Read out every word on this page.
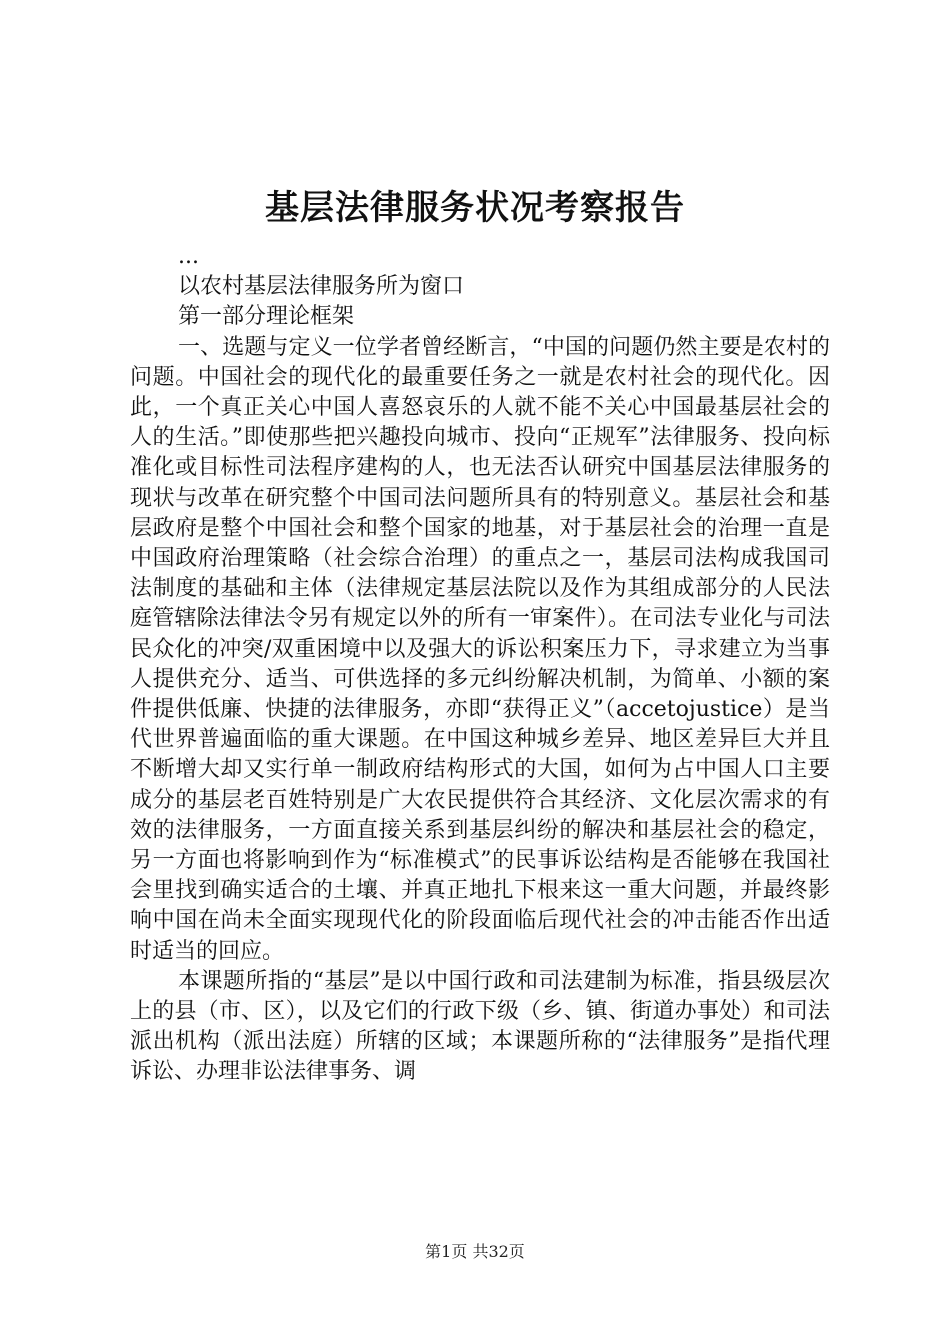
基层法律服务状况考察报告

...

以农村基层法律服务所为窗口

第一部分理论框架

一、选题与定义一位学者曾经断言，“中国的问题仍然主要是农村的问题。中国社会的现代化的最重要任务之一就是农村社会的现代化。因此，一个真正关心中国人喜怒哀乐的人就不能不关心中国最基层社会的人的生活。”即使那些把兴趣投向城市、投向“正规军”法律服务、投向标准化或目标性司法程序建构的人，也无法否认研究中国基层法律服务的现状与改革在研究整个中国司法问题所具有的特别意义。基层社会和基层政府是整个中国社会和整个国家的地基，对于基层社会的治理一直是中国政府治理策略（社会综合治理）的重点之一，基层司法构成我国司法制度的基础和主体（法律规定基层法院以及作为其组成部分的人民法庭管辖除法律法令另有规定以外的所有一审案件）。在司法专业化与司法民众化的冲突/双重困境中以及强大的诉讼积案压力下，寻求建立为当事人提供充分、适当、可供选择的多元纠纷解决机制，为简单、小额的案件提供低廉、快捷的法律服务，亦即“获得正义”（accetojustice）是当代世界普遍面临的重大课题。在中国这种城乡差异、地区差异巨大并且不断增大却又实行单一制政府结构形式的大国，如何为占中国人口主要成分的基层老百姓特别是广大农民提供符合其经济、文化层次需求的有效的法律服务，一方面直接关系到基层纠纷的解决和基层社会的稳定，另一方面也将影响到作为“标准模式”的民事诉讼结构是否能够在我国社会里找到确实适合的土壤、并真正地扎下根来这一重大问题，并最终影响中国在尚未全面实现现代化的阶段面临后现代社会的冲击能否作出适时适当的回应。

本课题所指的“基层”是以中国行政和司法建制为标准，指县级层次上的县（市、区），以及它们的行政下级（乡、镇、街道办事处）和司法派出机构（派出法庭）所辖的区域；本课题所称的“法律服务”是指代理诉讼、办理非讼法律事务、调

第1页 共32页
